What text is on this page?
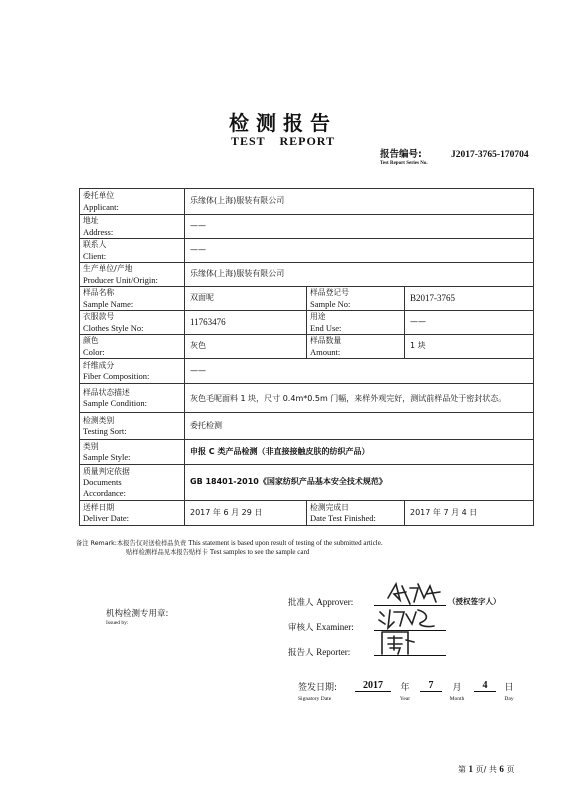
检测报告
TEST REPORT
报告编号:
Test Report Series No.
J2017-3765-170704
委托单位
Applicant:	乐缘体(上海)服装有限公司		

地址
Address:	——		

联系人
Client:	——		

生产单位/产地
Producer Unit/Origin:	乐缘体(上海)服装有限公司		

样品名称
Sample Name:	双面呢	样品登记号
Sample No:	B2017-3765

衣服款号
Clothes Style No:	11763476	用途
End Use:	——

颜色
Color:	灰色	样品数量
Amount:	1 块

纤维成分
Fiber Composition:	——		

样品状态描述
Sample Condition:	灰色毛呢面料 1 块，尺寸 0.4m*0.5m 门幅，来样外观完好，测试前样品处于密封状态。		

检测类别
Testing Sort:	委托检测		

类别
Sample Style:	申报 C 类产品检测（非直接接触皮肤的纺织产品）		

质量判定依据
Documents
Accordance:	GB 18401-2010《国家纺织产品基本安全技术规范》		

送样日期
Deliver Date:	2017 年 6 月 29 日	检测完成日
Date Test Finished:	2017 年 7 月 4 日
备注 Remark:本报告仅对送检样品负责 This statement is based upon result of testing of the submitted article.
贴样检测样品见本报告贴样卡 Test samples to see the sample card
机构检测专用章:
Issued by:
批准人 Approver:	（授权签字人）
审核人 Examiner:
报告人 Reporter:
签发日期:
Signatory Date
2017	年
Year
7	月
Month
4	日
Day
第 1 页/ 共 6 页
